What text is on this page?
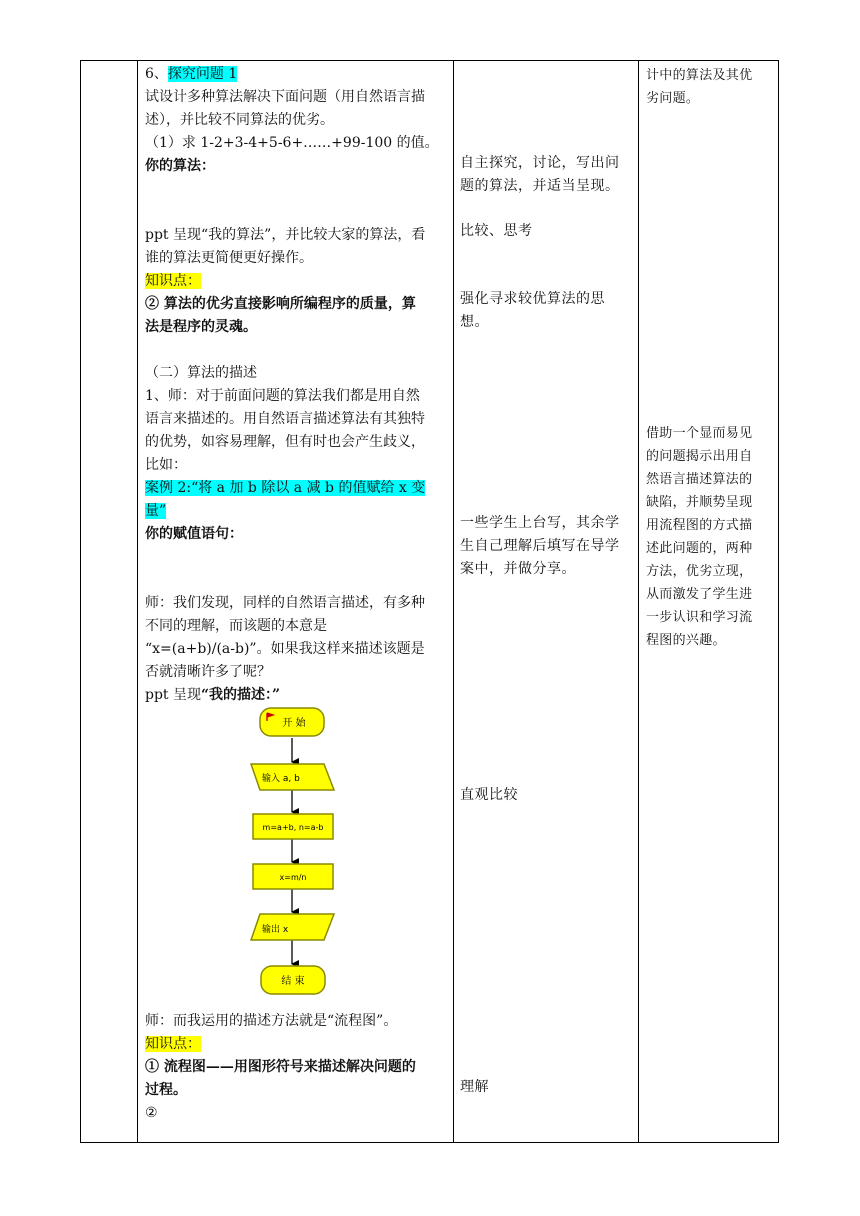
6、探究问题 1

试设计多种算法解决下面问题（用自然语言描

述），并比较不同算法的优劣。

（1）求 1-2+3-4+5-6+……+99-100 的值。

你的算法：

ppt 呈现“我的算法”，并比较大家的算法，看

谁的算法更简便更好操作。

知识点：

② 算法的优劣直接影响所编程序的质量，算

法是程序的灵魂。

（二）算法的描述

1、师：对于前面问题的算法我们都是用自然

语言来描述的。用自然语言描述算法有其独特

的优势，如容易理解，但有时也会产生歧义，

比如：

案例 2:“将 a 加 b 除以 a 减 b 的值赋给 x 变

量”

你的赋值语句：

师：我们发现，同样的自然语言描述，有多种

不同的理解，而该题的本意是

“x=(a+b)/(a-b)”。如果我这样来描述该题是

否就清晰许多了呢？

ppt 呈现“我的描述：”

开 始
输入 a, b
m=a+b, n=a-b
x=m/n
输出 x
结 束

师：而我运用的描述方法就是“流程图”。

知识点：

① 流程图——用图形符号来描述解决问题的

过程。

②

自主探究，讨论，写出问

题的算法，并适当呈现。

比较、思考

强化寻求较优算法的思

想。

一些学生上台写，其余学

生自己理解后填写在导学

案中，并做分享。

直观比较

理解

计中的算法及其优

劣问题。

借助一个显而易见

的问题揭示出用自

然语言描述算法的

缺陷，并顺势呈现

用流程图的方式描

述此问题的，两种

方法，优劣立现，

从而激发了学生进

一步认识和学习流

程图的兴趣。
